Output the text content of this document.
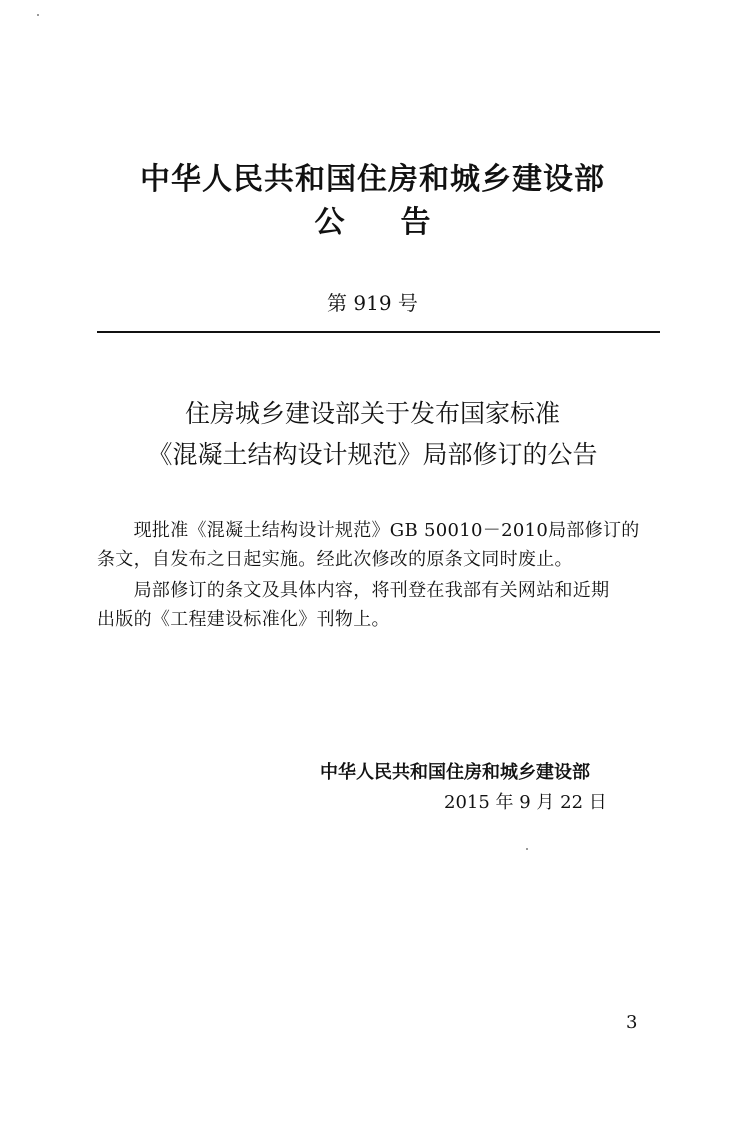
中华人民共和国住房和城乡建设部
公告
第 919 号
住房城乡建设部关于发布国家标准
《混凝土结构设计规范》局部修订的公告
　　现批准《混凝土结构设计规范》GB 50010－2010局部修订的
条文，自发布之日起实施。经此次修改的原条文同时废止。
　　局部修订的条文及具体内容，将刊登在我部有关网站和近期
出版的《工程建设标准化》刊物上。
中华人民共和国住房和城乡建设部
2015 年 9 月 22 日
3
